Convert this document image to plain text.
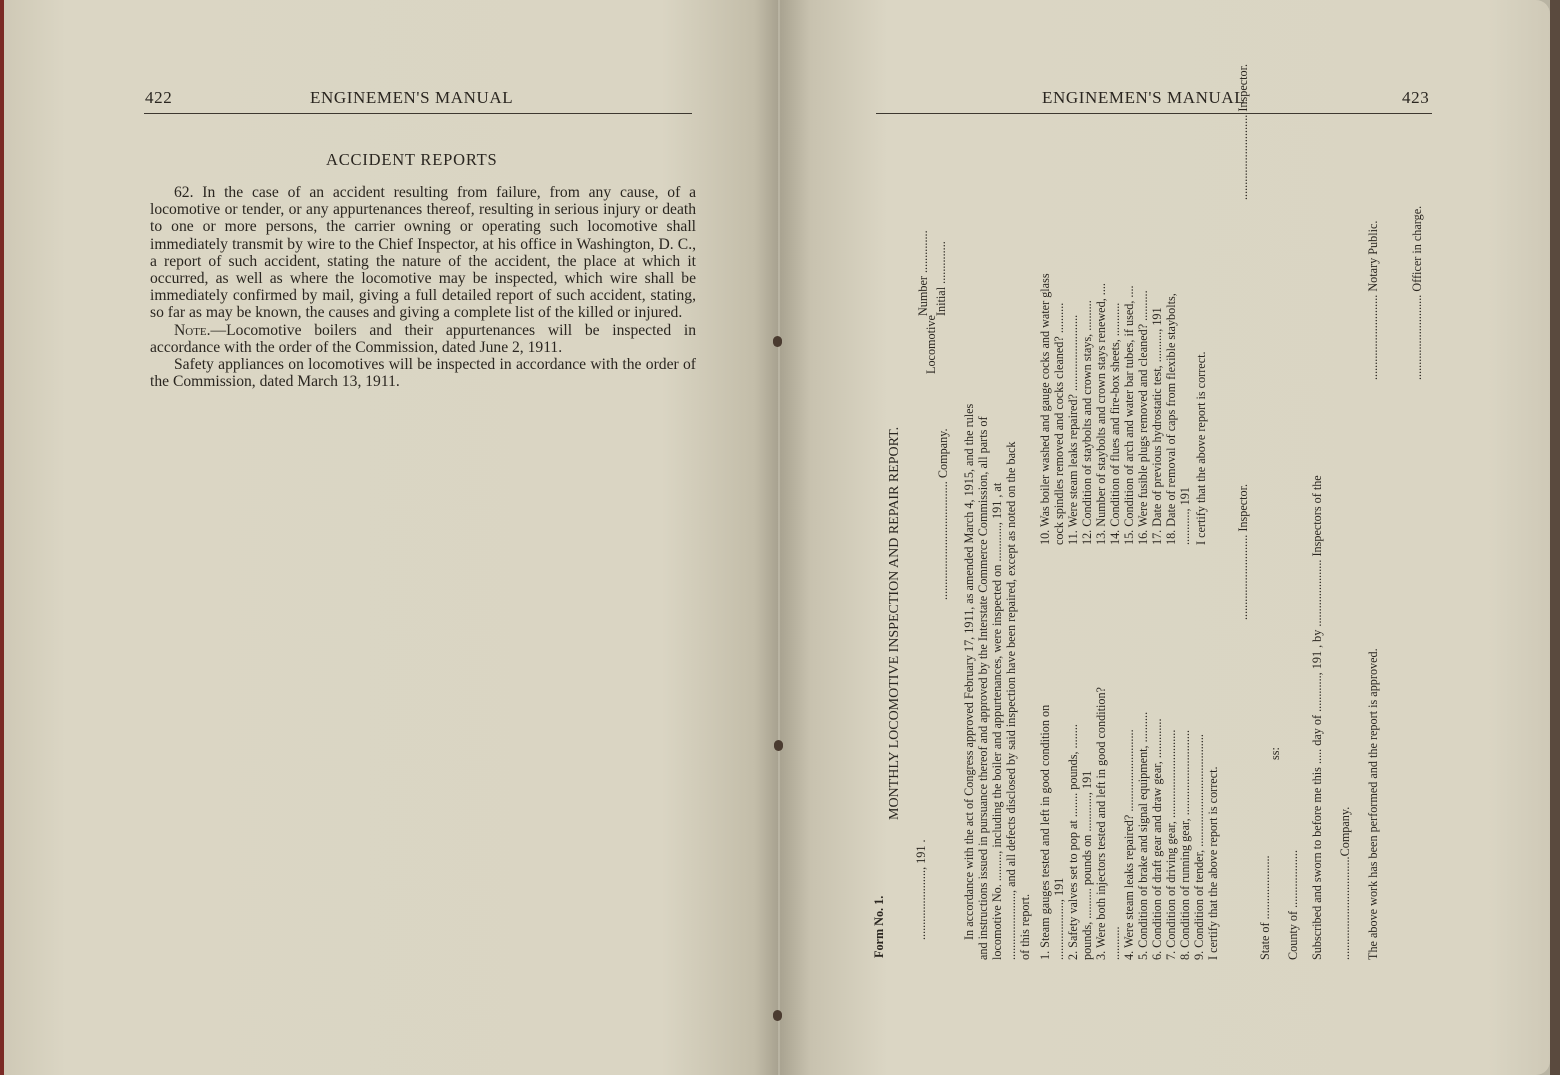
422	ENGINEMEN'S MANUAL
ACCIDENT REPORTS

62. In the case of an accident resulting from failure, from any cause, of a locomotive or tender, or any appurtenances thereof, resulting in serious injury or death to one or more persons, the carrier owning or operating such locomotive shall immediately transmit by wire to the Chief Inspector, at his office in Washington, D. C., a report of such accident, stating the nature of the accident, the place at which it occurred, as well as where the locomotive may be inspected, which wire shall be immediately confirmed by mail, giving a full detailed report of such accident, stating, so far as may be known, the causes and giving a complete list of the killed or injured.

Note.—Locomotive boilers and their appurtenances will be inspected in accordance with the order of the Commission, dated June 2, 1911.

Safety appliances on locomotives will be inspected in accordance with the order of the Commission, dated March 13, 1911.

ENGINEMEN'S MANUAL	423
Form No. 1.
MONTHLY LOCOMOTIVE INSPECTION AND REPAIR REPORT.
......................., 191 .
....................................... Company.
Locomotive
Number .............. Initial ..............
In accordance with the act of Congress approved February 17, 1911, as amended March 4, 1915, and the rules and instructions issued in pursuance thereof and approved by the Interstate Commerce Commission, all parts of locomotive No. ........., including the boiler and appurtenances, were inspected on ............, 191 , at ......................, and all defects disclosed by said inspection have been repaired, except as noted on the back of this report. 1. Steam gauges tested and left in good condition on ..................., 191 2. Safety valves set to pop at ........ pounds, ........ pounds, .......... pounds on ............, 191 3. Were both injectors tested and left in good condition? ........... 4. Were steam leaks repaired? ........................... 5. Condition of brake and signal equipment, .......... 6. Condition of draft gear and draw gear, ............. 7. Condition of driving gear, ............................. 8. Condition of running gear, ............................ 9. Condition of tender, ..................................... I certify that the above report is correct.
10. Was boiler washed and gauge cocks and water glass cock spindles removed and cocks cleaned? .......... 11. Were steam leaks repaired? ......................... 12. Condition of staybolts and crown stays, .......... 13. Number of staybolts and crown stays renewed, .... 14. Condition of flues and fire-box sheets, ........... 15. Condition of arch and water bar tubes, if used, .... 16. Were fusible plugs removed and cleaned? .......... 17. Date of previous hydrostatic test, .........., 191 18. Date of removal of caps from flexible staybolts, ..........., 191 I certify that the above report is correct.
............................ Inspector.
............................ Inspector.
State of ..................... County of ...................
ss: Subscribed and sworn to before me this ..... day of ............, 191 , by ...................... Inspectors of the ..................................Company.
............................ Notary Public.
The above work has been performed and the report is approved.
............................ Officer in charge.
